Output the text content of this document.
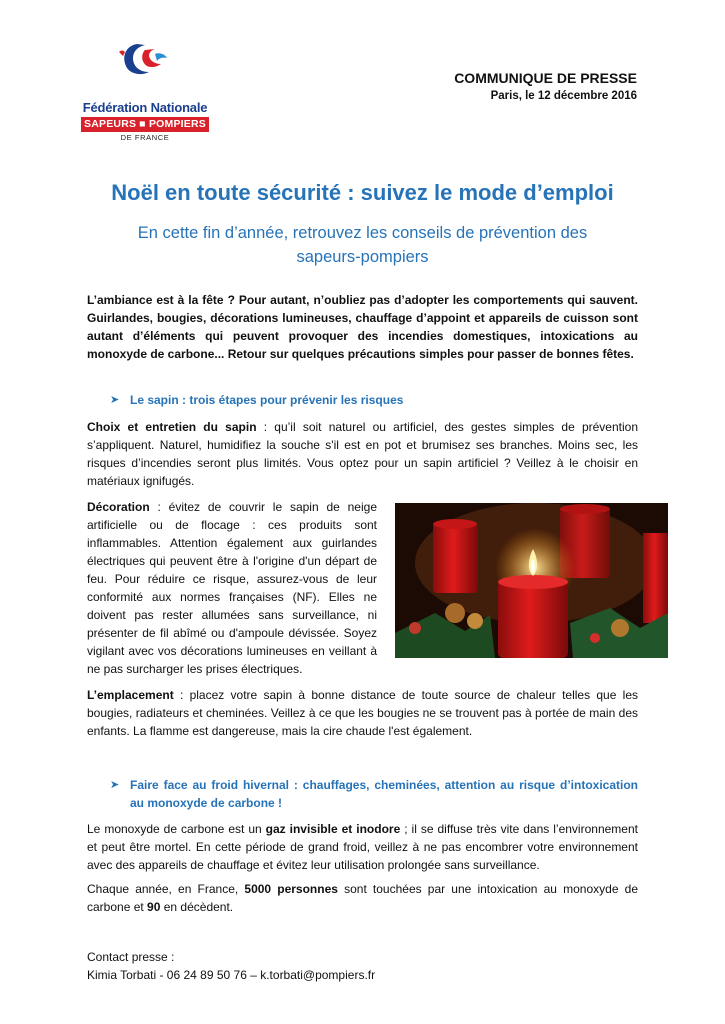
Fédération Nationale
SAPEURS ■ POMPIERS
DE FRANCE
COMMUNIQUE DE PRESSE
Paris, le 12 décembre 2016
Noël en toute sécurité : suivez le mode d’emploi
En cette fin d’année, retrouvez les conseils de prévention des sapeurs-pompiers
L’ambiance est à la fête ? Pour autant, n’oubliez pas d’adopter les comportements qui sauvent. Guirlandes, bougies, décorations lumineuses, chauffage d’appoint et appareils de cuisson sont autant d’éléments qui peuvent provoquer des incendies domestiques, intoxications au monoxyde de carbone... Retour sur quelques précautions simples pour passer de bonnes fêtes.
➤ Le sapin : trois étapes pour prévenir les risques
Choix et entretien du sapin : qu’il soit naturel ou artificiel, des gestes simples de prévention s’appliquent. Naturel, humidifiez la souche s'il est en pot et brumisez ses branches. Moins sec, les risques d’incendies seront plus limités. Vous optez pour un sapin artificiel ? Veillez à le choisir en matériaux ignifugés.
Décoration : évitez de couvrir le sapin de neige artificielle ou de flocage : ces produits sont inflammables. Attention également aux guirlandes électriques qui peuvent être à l'origine d'un départ de feu. Pour réduire ce risque, assurez-vous de leur conformité aux normes françaises (NF). Elles ne doivent pas rester allumées sans surveillance, ni présenter de fil abîmé ou d'ampoule dévissée. Soyez vigilant avec vos décorations lumineuses en veillant à ne pas surcharger les prises électriques.
L’emplacement : placez votre sapin à bonne distance de toute source de chaleur telles que les bougies, radiateurs et cheminées. Veillez à ce que les bougies ne se trouvent pas à portée de main des enfants. La flamme est dangereuse, mais la cire chaude l'est également.
➤ Faire face au froid hivernal : chauffages, cheminées, attention au risque d’intoxication au monoxyde de carbone !
Le monoxyde de carbone est un gaz invisible et inodore ; il se diffuse très vite dans l’environnement et peut être mortel. En cette période de grand froid, veillez à ne pas encombrer votre environnement avec des appareils de chauffage et évitez leur utilisation prolongée sans surveillance.
Chaque année, en France, 5000 personnes sont touchées par une intoxication au monoxyde de carbone et 90 en décèdent.
Contact presse :
Kimia Torbati - 06 24 89 50 76 – k.torbati@pompiers.fr
